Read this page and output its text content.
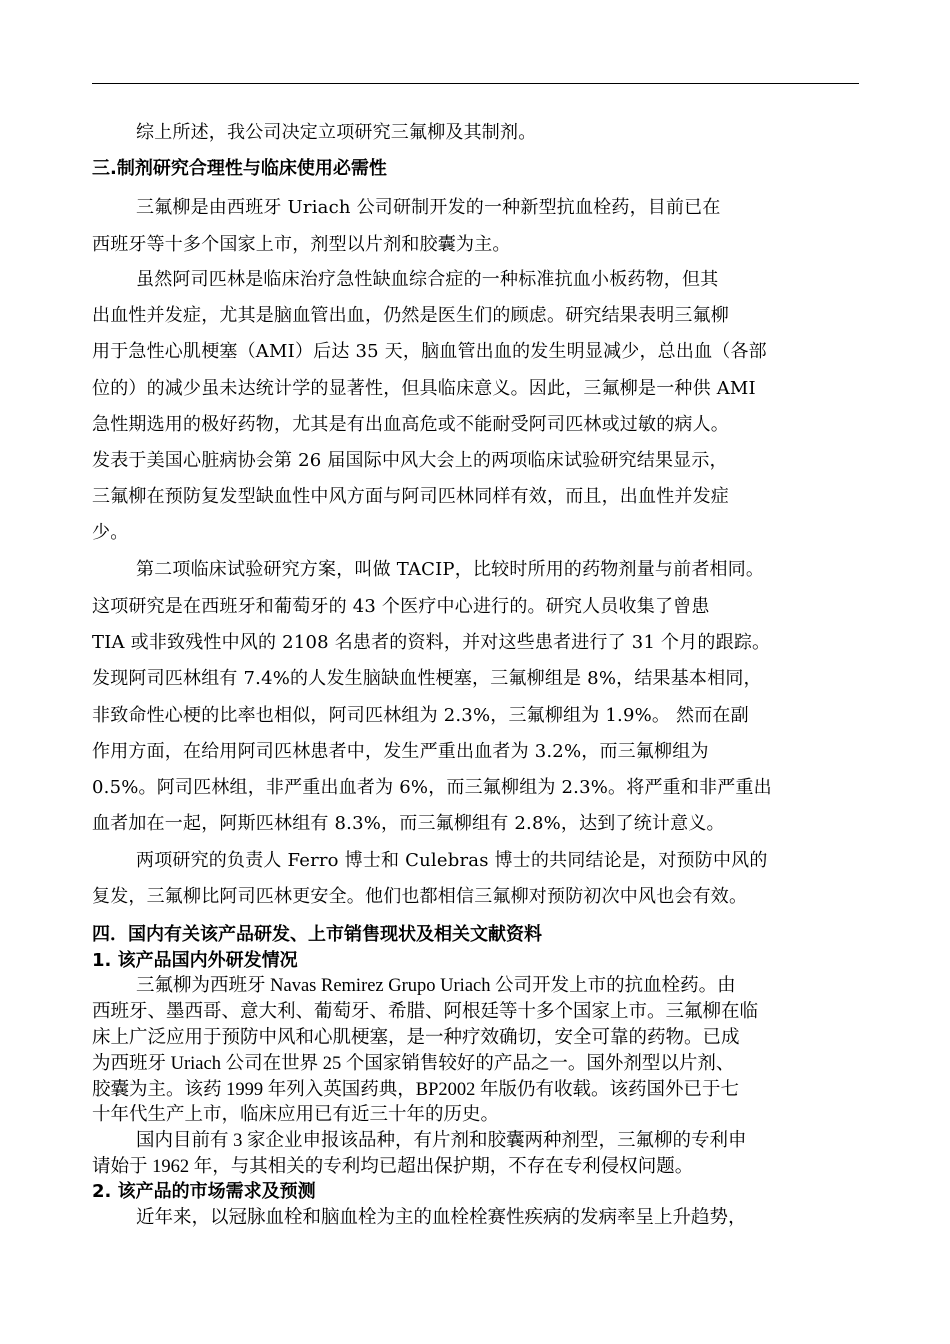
综上所述，我公司决定立项研究三氟柳及其制剂。
三.制剂研究合理性与临床使用必需性
三氟柳是由西班牙 Uriach 公司研制开发的一种新型抗血栓药，目前已在
西班牙等十多个国家上市，剂型以片剂和胶囊为主。
虽然阿司匹林是临床治疗急性缺血综合症的一种标准抗血小板药物，但其
出血性并发症，尤其是脑血管出血，仍然是医生们的顾虑。研究结果表明三氟柳
用于急性心肌梗塞（AMI）后达 35 天，脑血管出血的发生明显减少，总出血（各部
位的）的减少虽未达统计学的显著性，但具临床意义。因此，三氟柳是一种供 AMI
急性期选用的极好药物，尤其是有出血高危或不能耐受阿司匹林或过敏的病人。
发表于美国心脏病协会第 26 届国际中风大会上的两项临床试验研究结果显示，
三氟柳在预防复发型缺血性中风方面与阿司匹林同样有效，而且，出血性并发症
少。
第二项临床试验研究方案，叫做 TACIP，比较时所用的药物剂量与前者相同。
这项研究是在西班牙和葡萄牙的 43 个医疗中心进行的。研究人员收集了曾患
TIA 或非致残性中风的 2108 名患者的资料，并对这些患者进行了 31 个月的跟踪。
发现阿司匹林组有 7.4%的人发生脑缺血性梗塞，三氟柳组是 8%，结果基本相同，
非致命性心梗的比率也相似，阿司匹林组为 2.3%，三氟柳组为 1.9%。 然而在副
作用方面，在给用阿司匹林患者中，发生严重出血者为 3.2%，而三氟柳组为
0.5%。阿司匹林组，非严重出血者为 6%，而三氟柳组为 2.3%。将严重和非严重出
血者加在一起，阿斯匹林组有 8.3%，而三氟柳组有 2.8%，达到了统计意义。
两项研究的负责人 Ferro 博士和 Culebras 博士的共同结论是，对预防中风的
复发，三氟柳比阿司匹林更安全。他们也都相信三氟柳对预防初次中风也会有效。
四．国内有关该产品研发、上市销售现状及相关文献资料
1. 该产品国内外研发情况
三氟柳为西班牙 Navas Remirez Grupo Uriach 公司开发上市的抗血栓药。由
西班牙、墨西哥、意大利、葡萄牙、希腊、阿根廷等十多个国家上市。三氟柳在临
床上广泛应用于预防中风和心肌梗塞，是一种疗效确切，安全可靠的药物。已成
为西班牙 Uriach 公司在世界 25 个国家销售较好的产品之一。国外剂型以片剂、
胶囊为主。该药 1999 年列入英国药典，BP2002 年版仍有收载。该药国外已于七
十年代生产上市，临床应用已有近三十年的历史。
国内目前有 3 家企业申报该品种，有片剂和胶囊两种剂型，三氟柳的专利申
请始于 1962 年，与其相关的专利均已超出保护期，不存在专利侵权问题。
2. 该产品的市场需求及预测
近年来，以冠脉血栓和脑血栓为主的血栓栓赛性疾病的发病率呈上升趋势，
